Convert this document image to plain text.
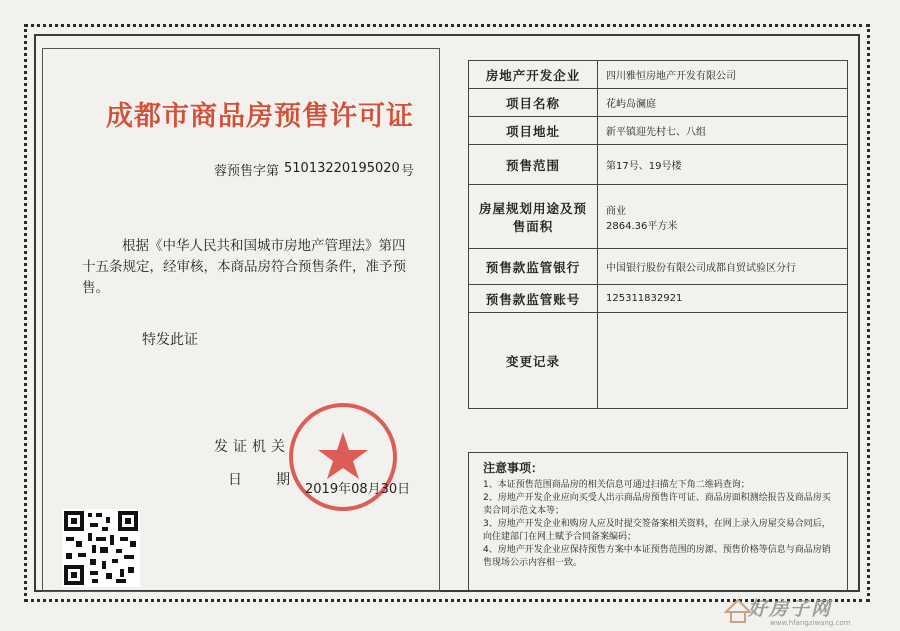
成都市商品房预售许可证
蓉预售字第 51013220195020 号
根据《中华人民共和国城市房地产管理法》第四十五条规定，经审核，本商品房符合预售条件，准予预售。
特发此证
发证机关
日期
2019年08月30日
房地产开发企业	四川雅恒房地产开发有限公司
项目名称	花屿岛澜庭
项目地址	新平镇迎先村七、八组
预售范围	第17号、19号楼
房屋规划用途及预售面积	商业
2864.36平方米

预售款监管银行	中国银行股份有限公司成都自贸试验区分行
预售款监管账号	125311832921
变更记录	
注意事项：
1、本证预售范围商品房的相关信息可通过扫描左下角二维码查询；
2、房地产开发企业应向买受人出示商品房预售许可证、商品房面积测绘报告及商品房买卖合同示范文本等；
3、房地产开发企业和购房人应及时提交签备案相关资料，在网上录入房屋交易合同后，向住建部门在网上赋予合同备案编码；
4、房地产开发企业应保持预售方案中本证预售范围的房源、预售价格等信息与商品房销售现场公示内容相一致。
好房子网
www.hfangziwang.com
